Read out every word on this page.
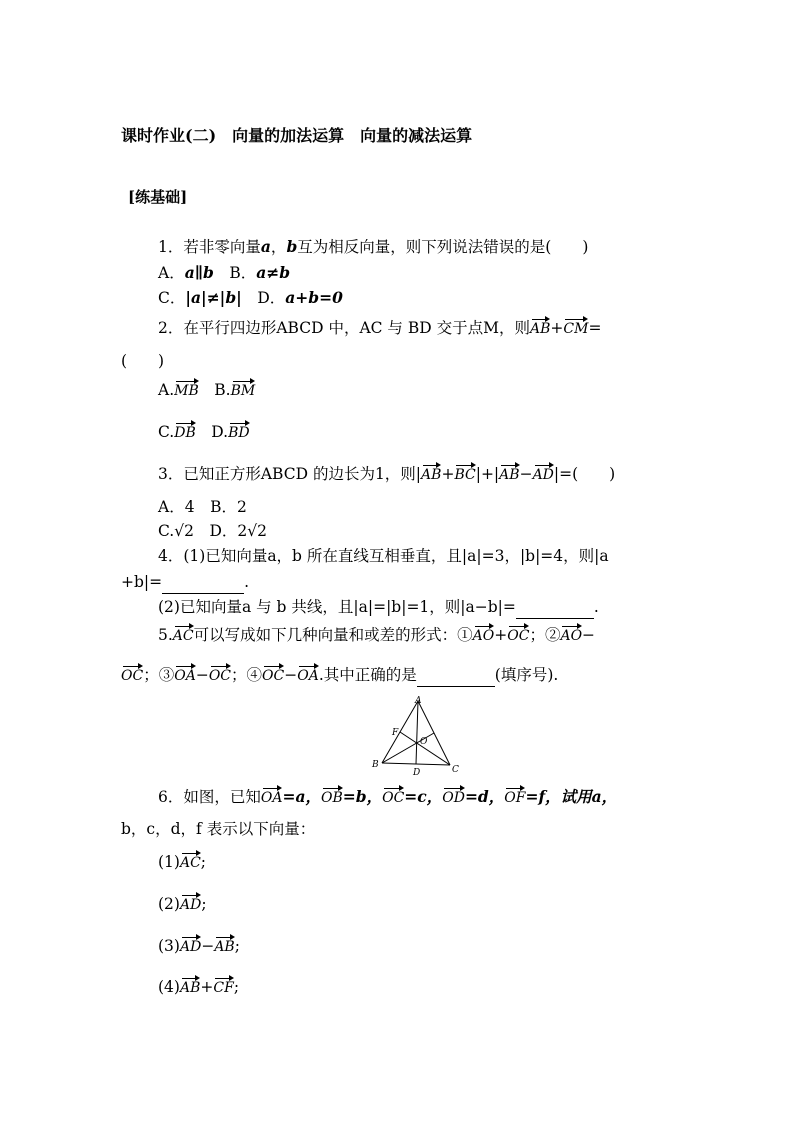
课时作业(二)　向量的加法运算　向量的减法运算
[练基础]
1．若非零向量a，b互为相反向量，则下列说法错误的是(　　)
A．a∥b　 B．a≠b
C．|a|≠|b|　 D．a+b=0
2．在平行四边形ABCD 中，AC 与 BD 交于点M，则AB+CM=
(　　)
A.MB　 B.BM
C.DB　 D.BD
3．已知正方形ABCD 的边长为1，则|AB+BC|+|AB−AD|=(　　)
A．4　 B．2
C.√2　 D．2√2
4．(1)已知向量a，b 所在直线互相垂直，且|a|=3，|b|=4，则|a
+b|=	.
(2)已知向量a 与 b 共线，且|a|=|b|=1，则|a−b|=	.
5.AC可以写成如下几种向量和或差的形式：①AO+OC；②AO−
OC；③OA−OC；④OC−OA.其中正确的是	(填序号).
A
B	C
D
F
O
6．如图，已知OA=a，OB=b，OC=c，OD=d，OF=f，试用a，
b，c，d，f 表示以下向量：
(1)AC;
(2)AD;
(3)AD−AB;
(4)AB+CF;
